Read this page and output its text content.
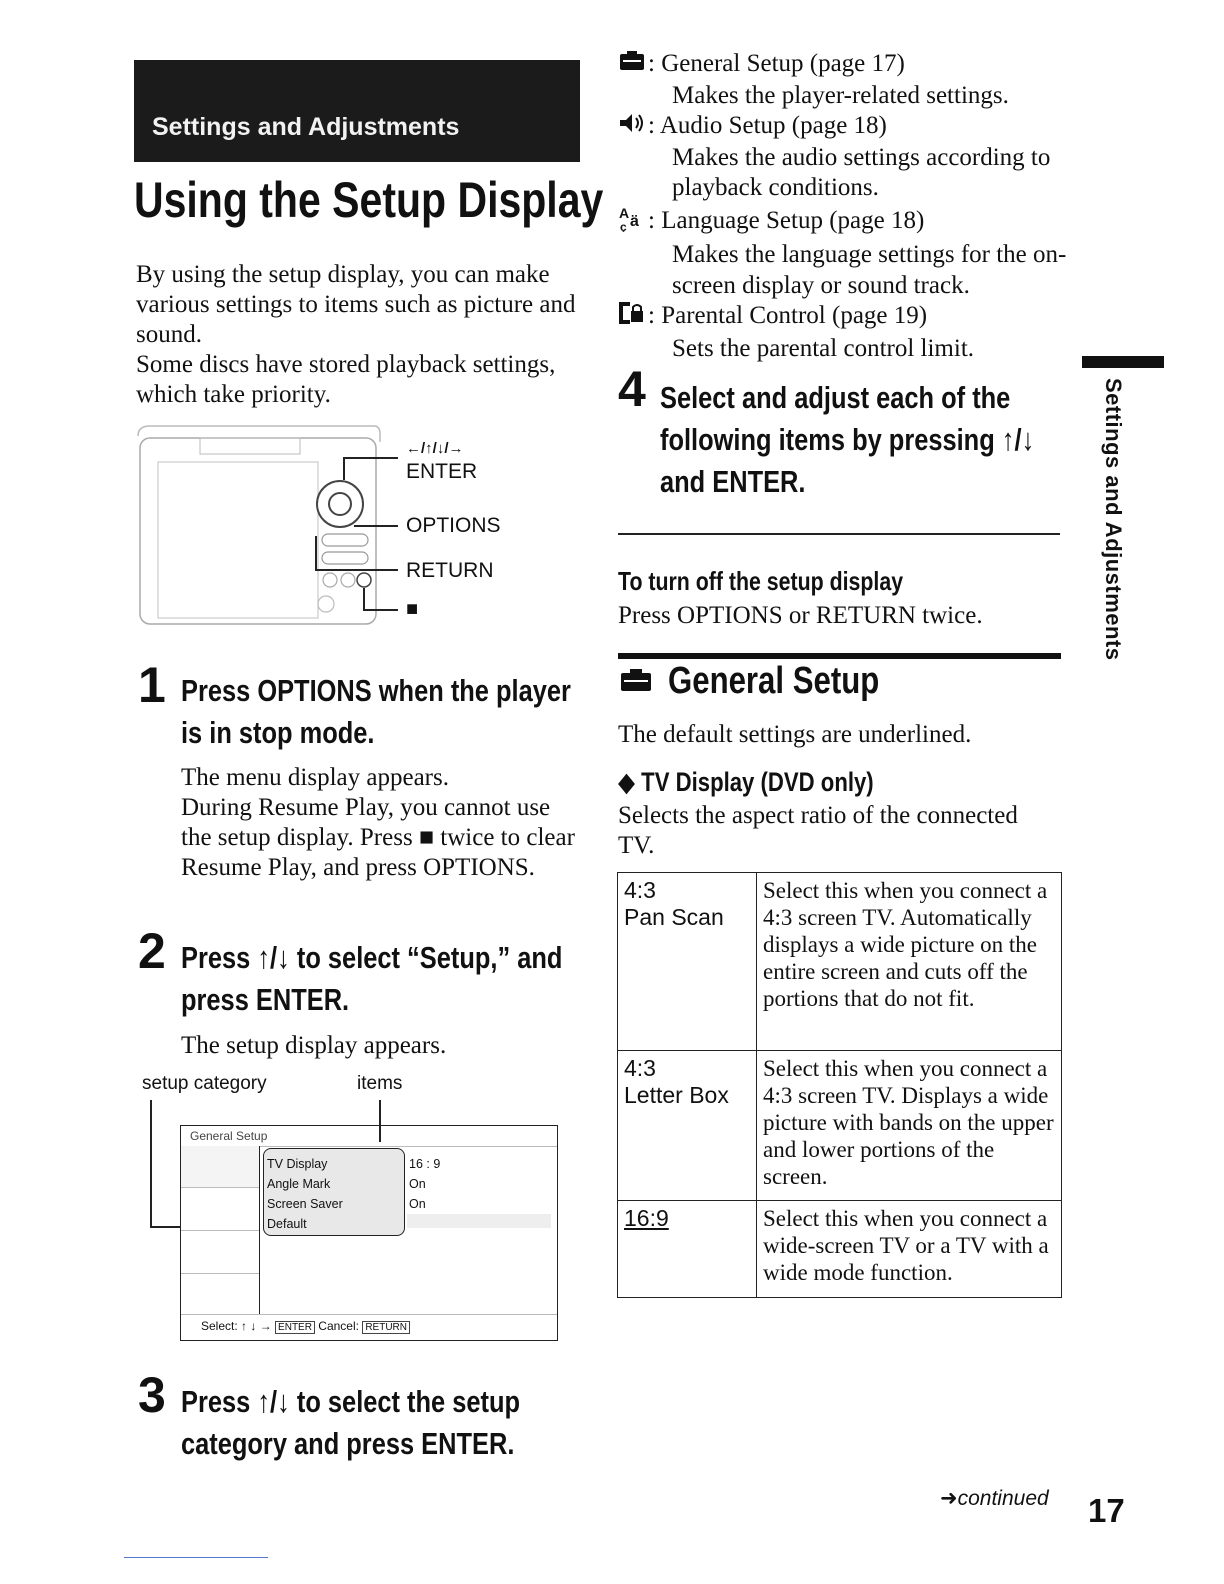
Settings and Adjustments
Using the Setup Display
By using the setup display, you can make various settings to items such as picture and sound.
Some discs have stored playback settings, which take priority.
←/↑/↓/→
ENTER
OPTIONS
RETURN
■
1 Press OPTIONS when the player is in stop mode.
The menu display appears.
During Resume Play, you cannot use the setup display. Press ■ twice to clear Resume Play, and press OPTIONS.
2 Press ↑/↓ to select “Setup,” and press ENTER.
The setup display appears.
setup category	items
General Setup
TV Display
Angle Mark
Screen Saver
Default
16 : 9
On
On
Select: ↑ ↓ → ENTER Cancel: RETURN
3 Press ↑/↓ to select the setup category and press ENTER.
: General Setup (page 17)
Makes the player-related settings.
: Audio Setup (page 18)
Makes the audio settings according to playback conditions.
A ä
ç : Language Setup (page 18)
Makes the language settings for the on-screen display or sound track.
: Parental Control (page 19)
Sets the parental control limit.
4 Select and adjust each of the following items by pressing ↑/↓ and ENTER.
To turn off the setup display
Press OPTIONS or RETURN twice.
General Setup
The default settings are underlined.
◆ TV Display (DVD only)
Selects the aspect ratio of the connected TV.
4:3
Pan Scan	Select this when you connect a 4:3 screen TV. Automatically displays a wide picture on the entire screen and cuts off the portions that do not fit.
4:3
Letter Box	Select this when you connect a 4:3 screen TV. Displays a wide picture with bands on the upper and lower portions of the screen.
16:9	Select this when you connect a wide-screen TV or a TV with a wide mode function.
Settings and Adjustments
➜continued 17
